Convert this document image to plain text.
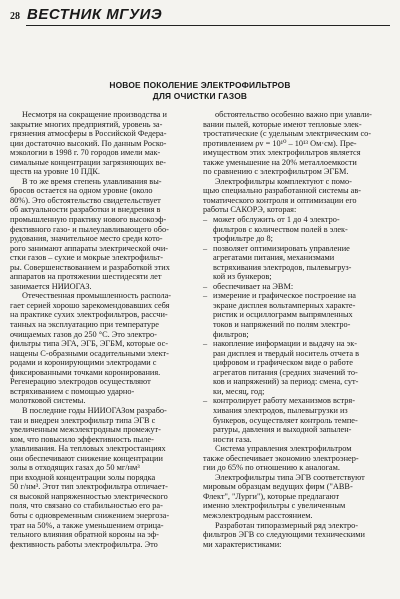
28 ВЕСТНИК МГУИЭ
НОВОЕ ПОКОЛЕНИЕ ЭЛЕКТРОФИЛЬТРОВ
ДЛЯ ОЧИСТКИ ГАЗОВ
Несмотря на сокращение производства и
закрытие многих предприятий, уровень за-
грязнения атмосферы в Российской Федера-
ции достаточно высокий. По данным Роско-
мэкологии в 1998 г. 70 городов имели мак-
симальные концентрации загрязняющих ве-
ществ на уровне 10 ПДК.
В то же время степень улавливания вы-
бросов остается на одном уровне (около
80%). Это обстоятельство свидетельствует
об актуальности разработки и внедрения в
промышленную практику нового высокоэф-
фективного газо- и пылеулавливающего обо-
рудования, значительное место среди кото-
рого занимают аппараты электрической очи-
стки газов – сухие и мокрые электрофильт-
ры. Совершенствованием и разработкой этих
аппаратов на протяжении шестидесяти лет
занимается НИИОГАЗ.
Отечественная промышленность распола-
гает серией хорошо зарекомендовавших себя
на практике сухих электрофильтров, рассчи-
танных на эксплуатацию при температуре
очищаемых газов до 250 °С. Это электро-
фильтры типа ЭГА, ЭГБ, ЭГБМ, которые ос-
нащены С-образными осадительными элект-
родами и коронирующими электродами с
фиксированными точками коронирования.
Регенерацию электродов осуществляют
встряхиванием с помощью ударно-
молотковой системы.
В последние годы НИИОГАЗом разрабо-
тан и внедрен электрофильтр типа ЭГВ с
увеличенным межэлектродным промежут-
ком, что повысило эффективность пыле-
улавливания. На тепловых электростанциях
они обеспечивают снижение концентрации
золы в отходящих газах до 50 мг/нм³
при входной концентрации золы порядка
50 г/нм³. Этот тип электрофильтра отличает-
ся высокой напряженностью электрического
поля, что связано со стабильностью его ра-
боты с одновременным снижением энергоза-
трат на 50%, а также уменьшением отрица-
тельного влияния обратной короны на эф-
фективность работы электрофильтра. Это
обстоятельство особенно важно при улавли-
вании пылей, которые имеют тепловые элек-
тростатические (с удельным электрическим со-
противлением ρv = 10¹⁰ – 10¹³ Ом·см). Пре-
имуществом этих электрофильтров является
также уменьшение на 20% металлоемкости
по сравнению с электрофильтром ЭГБМ.
Электрофильтры комплектуют с помо-
щью специально разработанной системы ав-
томатического контроля и оптимизации его
работы САКОРЭ, которая:
– может обслужить от 1 до 4 электро-
фильтров с количеством полей в элек-
трофильтре до 8;
– позволяет оптимизировать управление
агрегатами питания, механизмами
встряхивания электродов, пылевыгруз-
кой из бункеров;
– обеспечивает на ЭВМ:
– измерение и графическое построение на
экране дисплея вольтамперных характе-
ристик и осциллограмм выпрямленных
токов и напряжений по полям электро-
фильтров;
– накопление информации и выдачу на эк-
ран дисплея и твердый носитель отчета в
цифровом и графическом виде о работе
агрегатов питания (средних значений то-
ков и напряжений) за период: смена, сут-
ки, месяц, год;
– контролирует работу механизмов встря-
хивания электродов, пылевыгрузки из
бункеров, осуществляет контроль темпе-
ратуры, давления и выходной запылен-
ности газа.
Система управления электрофильтром
также обеспечивает экономию электроэнер-
гии до 65% по отношению к аналогам.
Электрофильтры типа ЭГВ соответствуют
мировым образцам ведущих фирм ("АВВ-
Флект", "Лурги"), которые предлагают
именно электрофильтры с увеличенным
межэлектродным расстоянием.
Разработан типоразмерный ряд электро-
фильтров ЭГВ со следующими техническими
ми характеристиками:
